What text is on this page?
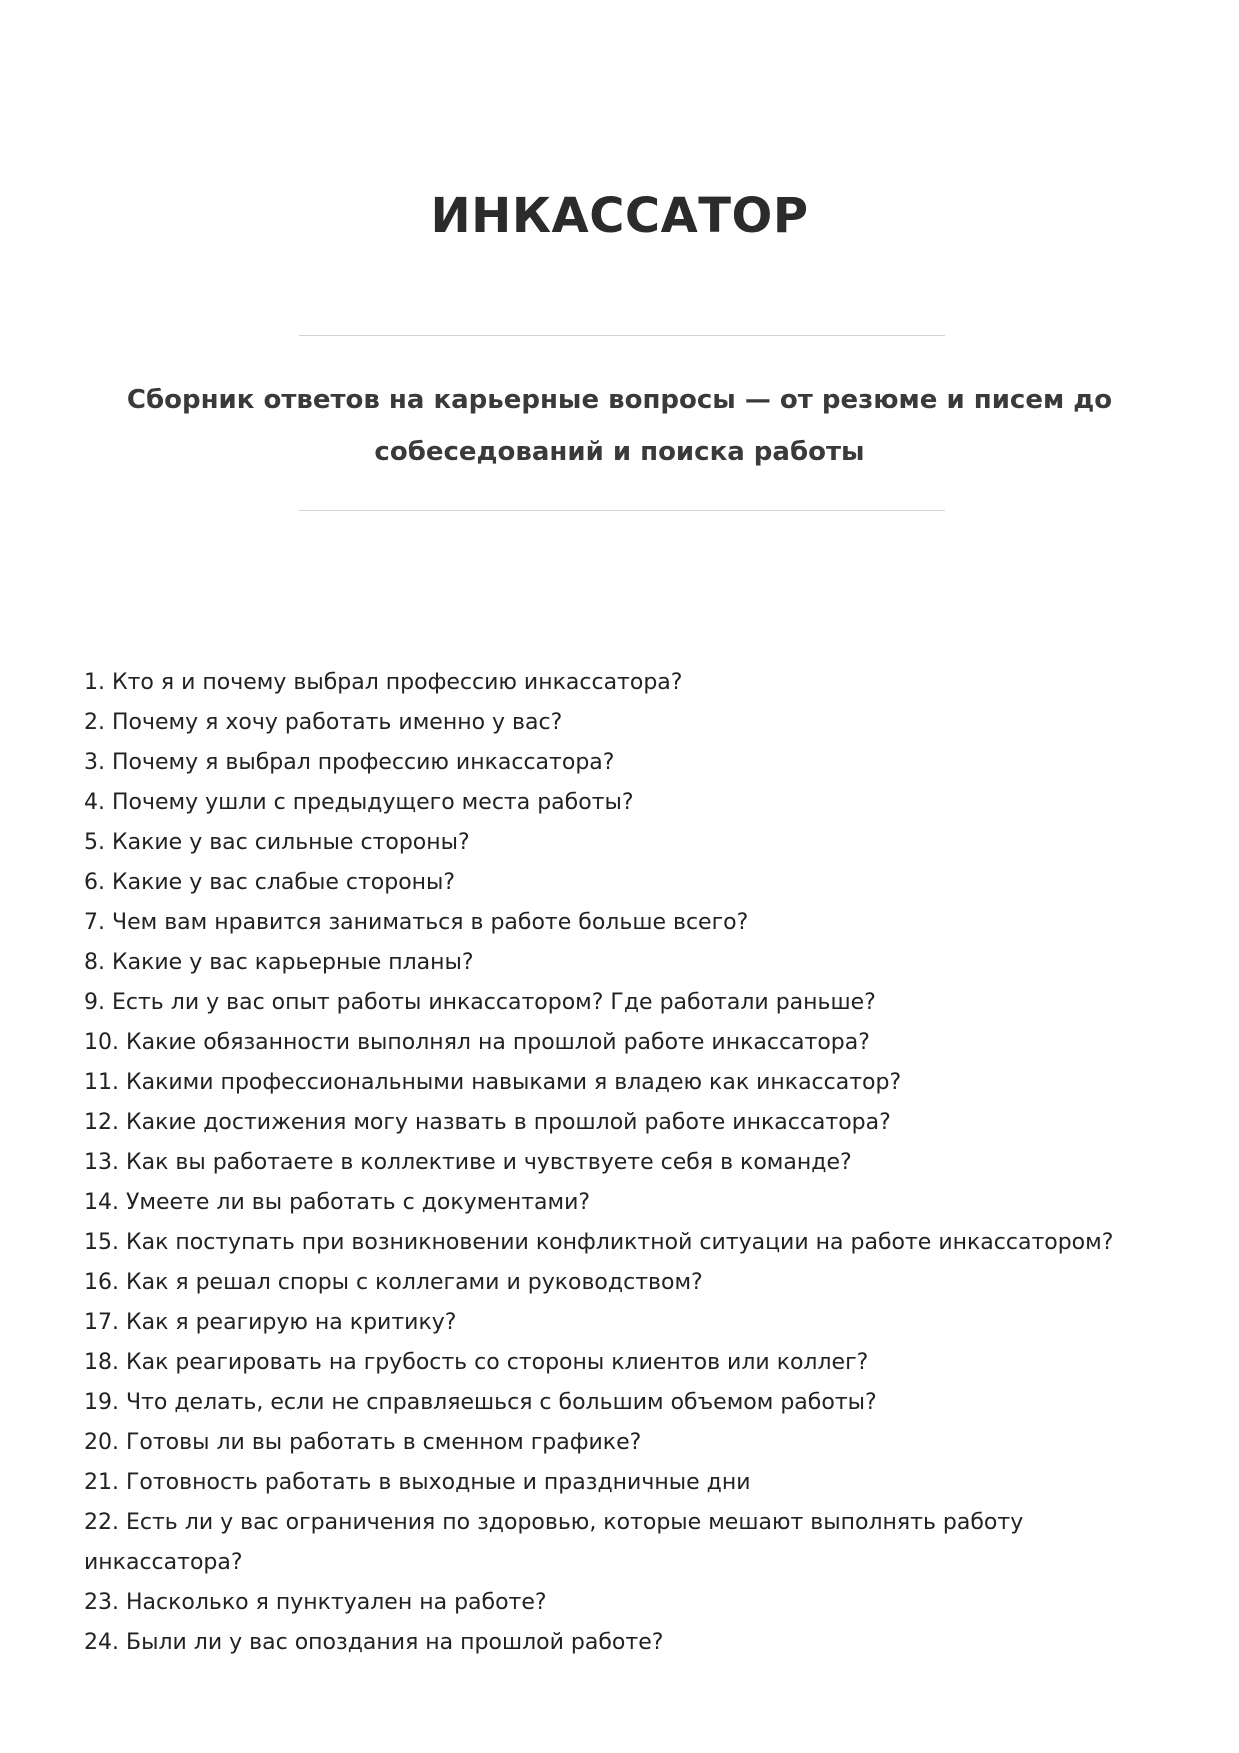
ИНКАССАТОР

Сборник ответов на карьерные вопросы — от резюме и писем до собеседований и поиска работы

1. Кто я и почему выбрал профессию инкассатора?
2. Почему я хочу работать именно у вас?
3. Почему я выбрал профессию инкассатора?
4. Почему ушли с предыдущего места работы?
5. Какие у вас сильные стороны?
6. Какие у вас слабые стороны?
7. Чем вам нравится заниматься в работе больше всего?
8. Какие у вас карьерные планы?
9. Есть ли у вас опыт работы инкассатором? Где работали раньше?
10. Какие обязанности выполнял на прошлой работе инкассатора?
11. Какими профессиональными навыками я владею как инкассатор?
12. Какие достижения могу назвать в прошлой работе инкассатора?
13. Как вы работаете в коллективе и чувствуете себя в команде?
14. Умеете ли вы работать с документами?
15. Как поступать при возникновении конфликтной ситуации на работе инкассатором?
16. Как я решал споры с коллегами и руководством?
17. Как я реагирую на критику?
18. Как реагировать на грубость со стороны клиентов или коллег?
19. Что делать, если не справляешься с большим объемом работы?
20. Готовы ли вы работать в сменном графике?
21. Готовность работать в выходные и праздничные дни
22. Есть ли у вас ограничения по здоровью, которые мешают выполнять работу инкассатора?
23. Насколько я пунктуален на работе?
24. Были ли у вас опоздания на прошлой работе?
